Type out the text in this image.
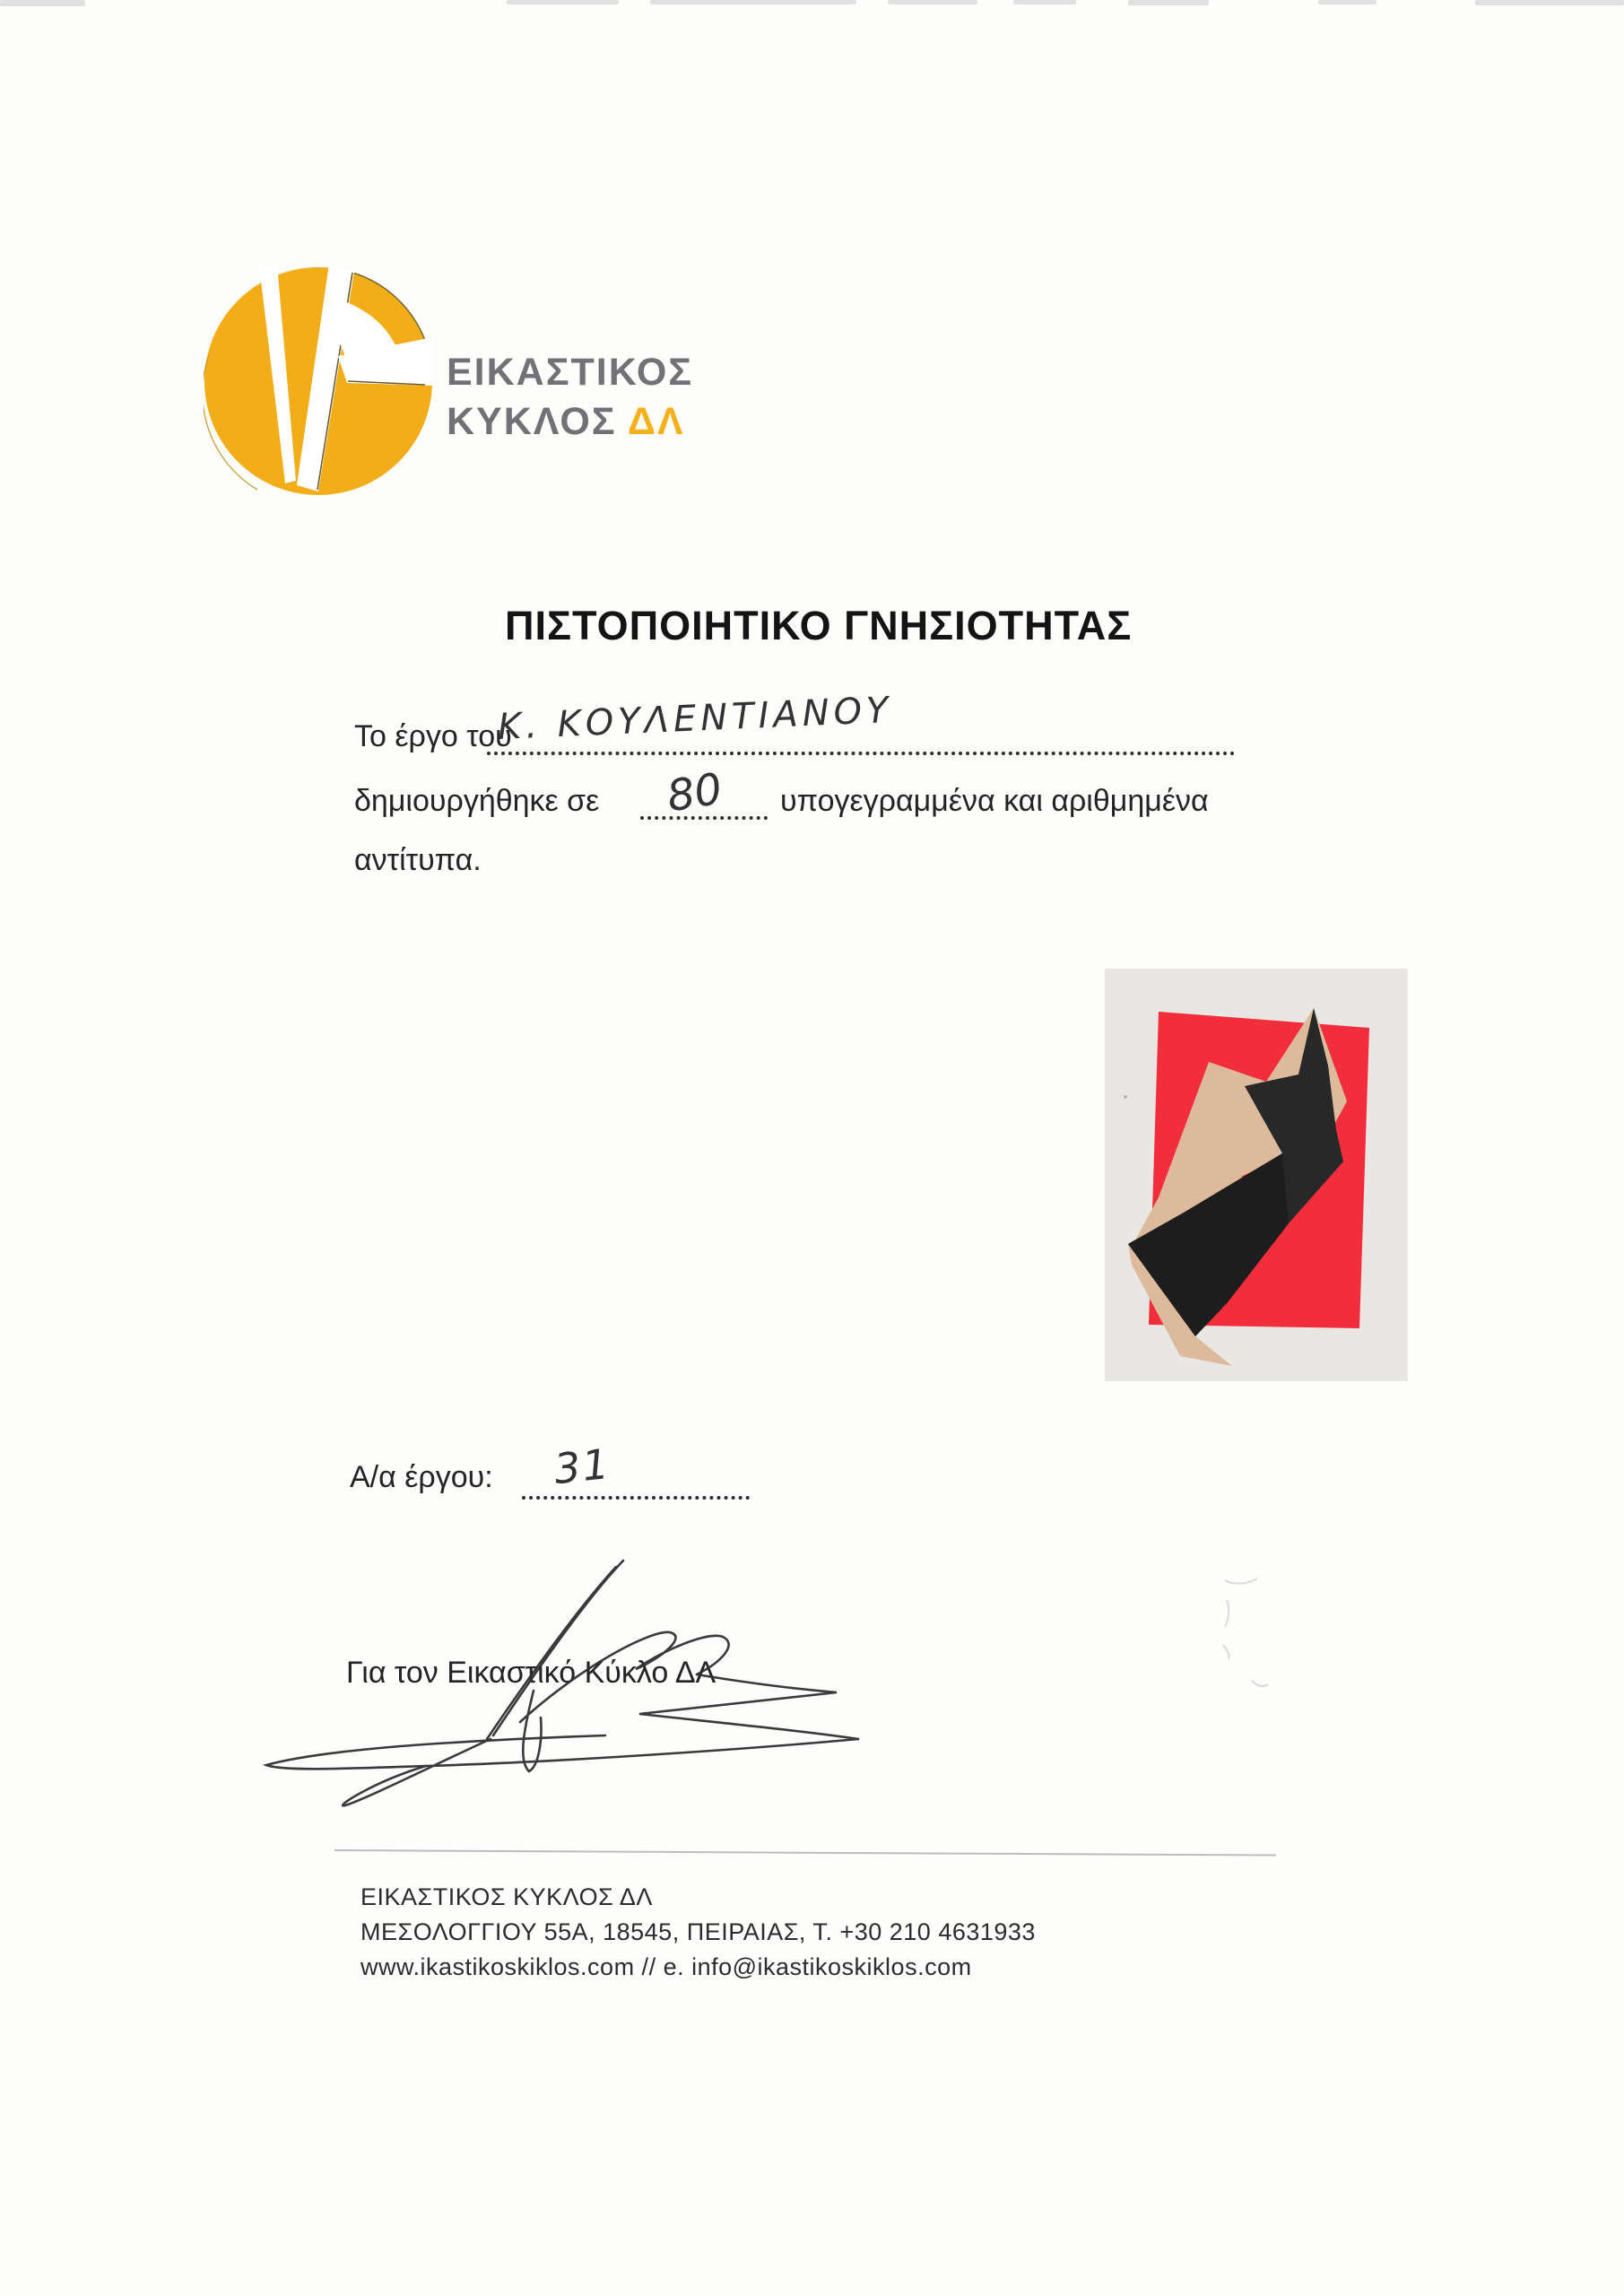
ΕΙΚΑΣΤΙΚΟΣ
ΚΥΚΛΟΣ ΔΛ
ΠΙΣΤΟΠΟΙΗΤΙΚΟ ΓΝΗΣΙΟΤΗΤΑΣ
Το έργο του
Κ. ΚΟΥΛΕΝΤΙΑΝΟΥ
δημιουργήθηκε σε 80 υπογεγραμμένα και αριθμημένα
αντίτυπα.
Α/α έργου: 31
Για τον Εικαστικό Κύκλο ΔΛ
ΕΙΚΑΣΤΙΚΟΣ ΚΥΚΛΟΣ ΔΛ
ΜΕΣΟΛΟΓΓΙΟΥ 55Α, 18545, ΠΕΙΡΑΙΑΣ, Τ. +30 210 4631933
www.ikastikoskiklos.com // e. info@ikastikoskiklos.com
